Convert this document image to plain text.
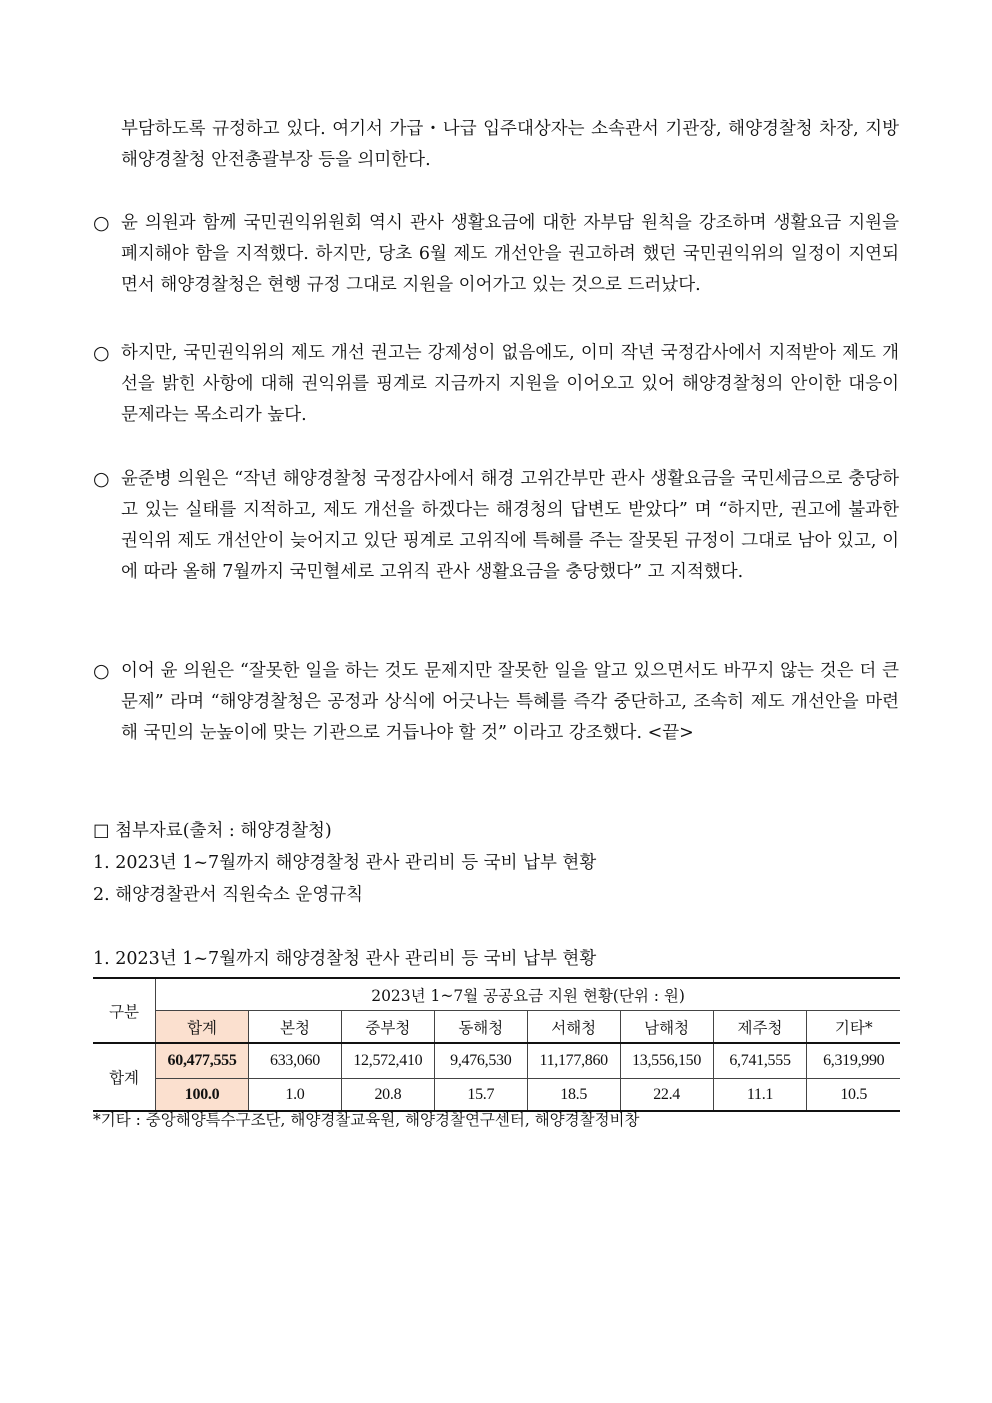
부담하도록 규정하고 있다. 여기서 가급・나급 입주대상자는 소속관서 기관장, 해양경찰청 차장, 지방해양경찰청 안전총괄부장 등을 의미한다.
○ 윤 의원과 함께 국민권익위원회 역시 관사 생활요금에 대한 자부담 원칙을 강조하며 생활요금 지원을 폐지해야 함을 지적했다. 하지만, 당초 6월 제도 개선안을 권고하려 했던 국민권익위의 일정이 지연되면서 해양경찰청은 현행 규정 그대로 지원을 이어가고 있는 것으로 드러났다.
○ 하지만, 국민권익위의 제도 개선 권고는 강제성이 없음에도, 이미 작년 국정감사에서 지적받아 제도 개선을 밝힌 사항에 대해 권익위를 핑계로 지금까지 지원을 이어오고 있어 해양경찰청의 안이한 대응이 문제라는 목소리가 높다.
○ 윤준병 의원은 “작년 해양경찰청 국정감사에서 해경 고위간부만 관사 생활요금을 국민세금으로 충당하고 있는 실태를 지적하고, 제도 개선을 하겠다는 해경청의 답변도 받았다” 며 “하지만, 권고에 불과한 권익위 제도 개선안이 늦어지고 있단 핑계로 고위직에 특혜를 주는 잘못된 규정이 그대로 남아 있고, 이에 따라 올해 7월까지 국민혈세로 고위직 관사 생활요금을 충당했다” 고 지적했다.
○ 이어 윤 의원은 “잘못한 일을 하는 것도 문제지만 잘못한 일을 알고 있으면서도 바꾸지 않는 것은 더 큰 문제” 라며 “해양경찰청은 공정과 상식에 어긋나는 특혜를 즉각 중단하고, 조속히 제도 개선안을 마련해 국민의 눈높이에 맞는 기관으로 거듭나야 할 것” 이라고 강조했다. <끝>
□ 첨부자료(출처 : 해양경찰청)
1. 2023년 1~7월까지 해양경찰청 관사 관리비 등 국비 납부 현황
2. 해양경찰관서 직원숙소 운영규칙
1. 2023년 1~7월까지 해양경찰청 관사 관리비 등 국비 납부 현황
구분	2023년 1~7월 공공요금 지원 현황(단위 : 원)							
	합계	본청	중부청	동해청	서해청	남해청	제주청	기타*
합계	60,477,555	633,060	12,572,410	9,476,530	11,177,860	13,556,150	6,741,555	6,319,990
	100.0	1.0	20.8	15.7	18.5	22.4	11.1	10.5
*기타 : 중앙해양특수구조단, 해양경찰교육원, 해양경찰연구센터, 해양경찰정비창
